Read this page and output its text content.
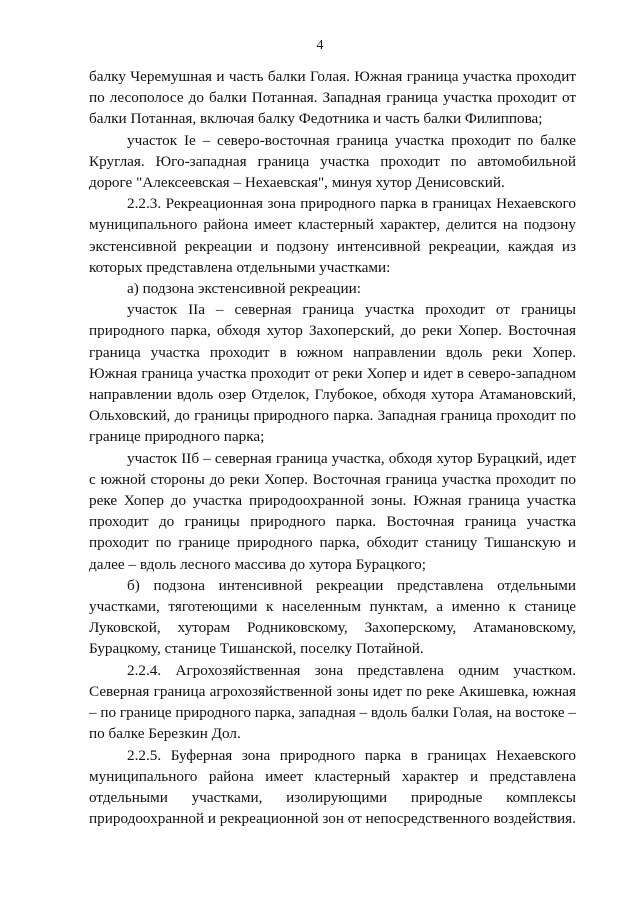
4

балку Черемушная и часть балки Голая. Южная граница участка проходит по лесополосе до балки Потанная. Западная граница участка проходит от балки Потанная, включая балку Федотника и часть балки Филиппова;

участок Iе – северо-восточная граница участка проходит по балке Круглая. Юго-западная граница участка проходит по автомобильной дороге "Алексеевская – Нехаевская", минуя хутор Денисовский.

2.2.3. Рекреационная зона природного парка в границах Нехаевского муниципального района имеет кластерный характер, делится на подзону экстенсивной рекреации и подзону интенсивной рекреации, каждая из которых представлена отдельными участками:

а) подзона экстенсивной рекреации:

участок IIа – северная граница участка проходит от границы природного парка, обходя хутор Захоперский, до реки Хопер. Восточная граница участка проходит в южном направлении вдоль реки Хопер. Южная граница участка проходит от реки Хопер и идет в северо-западном направлении вдоль озер Отделок, Глубокое, обходя хутора Атамановский, Ольховский, до границы природного парка. Западная граница проходит по границе природного парка;

участок IIб – северная граница участка, обходя хутор Бурацкий, идет с южной стороны до реки Хопер. Восточная граница участка проходит по реке Хопер до участка природоохранной зоны. Южная граница участка проходит до границы природного парка. Восточная граница участка проходит по границе природного парка, обходит станицу Тишанскую и далее – вдоль лесного массива до хутора Бурацкого;

б) подзона интенсивной рекреации представлена отдельными участками, тяготеющими к населенным пунктам, а именно к станице Луковской, хуторам Родниковскому, Захоперскому, Атамановскому, Бурацкому, станице Тишанской, поселку Потайной.

2.2.4. Агрохозяйственная зона представлена одним участком. Северная граница агрохозяйственной зоны идет по реке Акишевка, южная – по границе природного парка, западная – вдоль балки Голая, на востоке – по балке Березкин Дол.

2.2.5. Буферная зона природного парка в границах Нехаевского муниципального района имеет кластерный характер и представлена отдельными участками, изолирующими природные комплексы природоохранной и рекреационной зон от непосредственного воздействия.
